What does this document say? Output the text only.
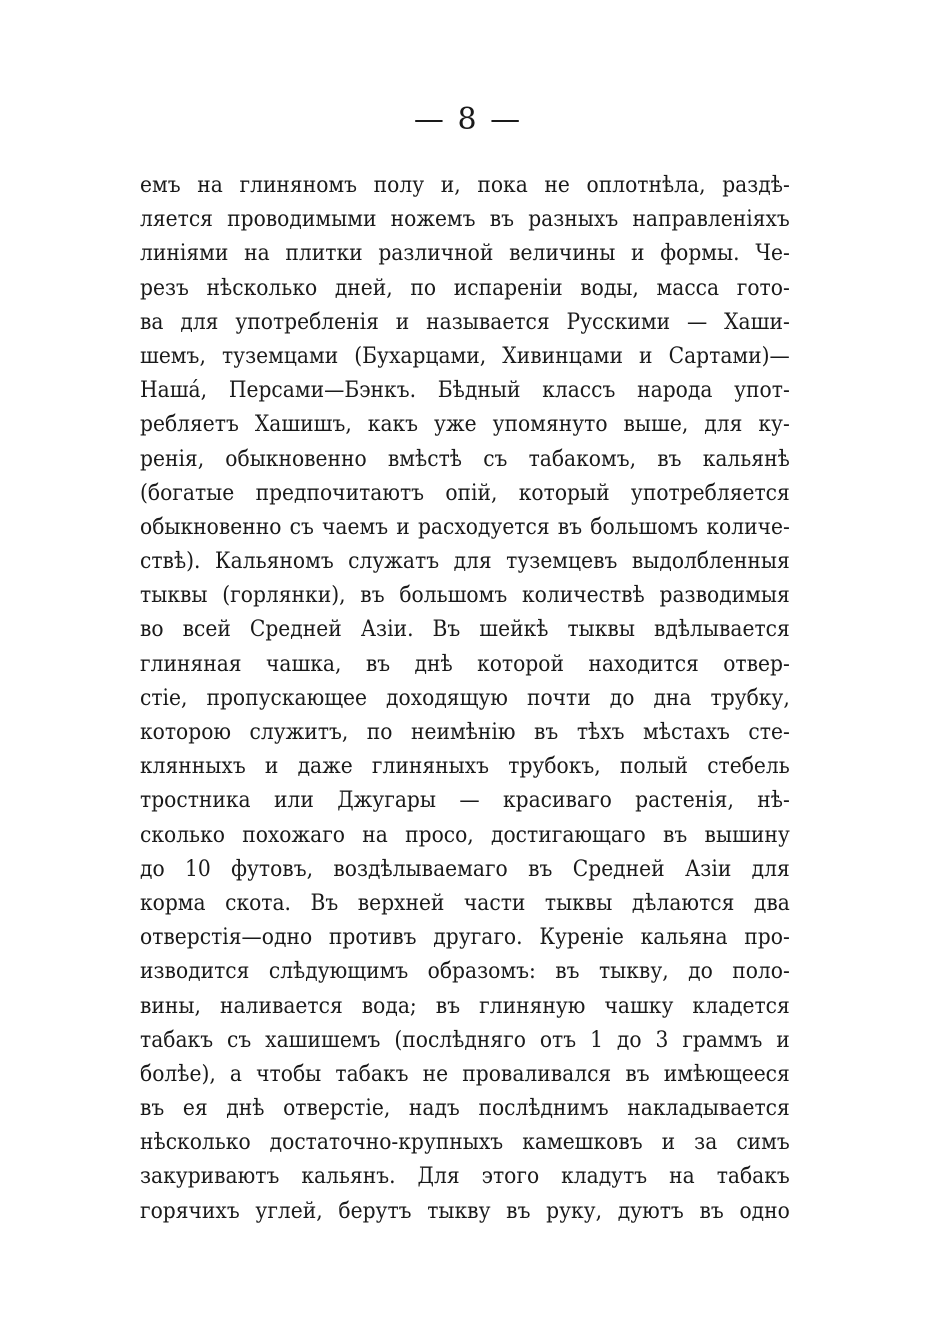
— 8 —
емъ на глиняномъ полу и, пока не оплотнѣла, раздѣ-
ляется проводимыми ножемъ въ разныхъ направленіяхъ
линіями на плитки различной величины и формы. Че-
резъ нѣсколько дней, по испареніи воды, масса гото-
ва для употребленія и называется Русскими — Хаши-
шемъ, туземцами (Бухарцами, Хивинцами и Сартами)—
Нашá, Персами—Бэнкъ. Бѣдный классъ народа упот-
ребляетъ Хашишъ, какъ уже упомянуто выше, для ку-
ренія, обыкновенно вмѣстѣ съ табакомъ, въ кальянѣ
(богатые предпочитаютъ опій, который употребляется
обыкновенно съ чаемъ и расходуется въ большомъ количе-
ствѣ). Кальяномъ служатъ для туземцевъ выдолбленныя
тыквы (горлянки), въ большомъ количествѣ разводимыя
во всей Средней Азіи. Въ шейкѣ тыквы вдѣлывается
глиняная чашка, въ днѣ которой находится отвер-
стіе, пропускающее доходящую почти до дна трубку,
которою служитъ, по неимѣнію въ тѣхъ мѣстахъ сте-
клянныхъ и даже глиняныхъ трубокъ, полый стебель
тростника или Джугары — красиваго растенія, нѣ-
сколько похожаго на просо, достигающаго въ вышину
до 10 футовъ, воздѣлываемаго въ Средней Азіи для
корма скота. Въ верхней части тыквы дѣлаются два
отверстія—одно противъ другаго. Куреніе кальяна про-
изводится слѣдующимъ образомъ: въ тыкву, до поло-
вины, наливается вода; въ глиняную чашку кладется
табакъ съ хашишемъ (послѣдняго отъ 1 до 3 граммъ и
болѣе), а чтобы табакъ не проваливался въ имѣющееся
въ ея днѣ отверстіе, надъ послѣднимъ накладывается
нѣсколько достаточно-крупныхъ камешковъ и за симъ
закуриваютъ кальянъ. Для этого кладутъ на табакъ
горячихъ углей, берутъ тыкву въ руку, дуютъ въ одно
